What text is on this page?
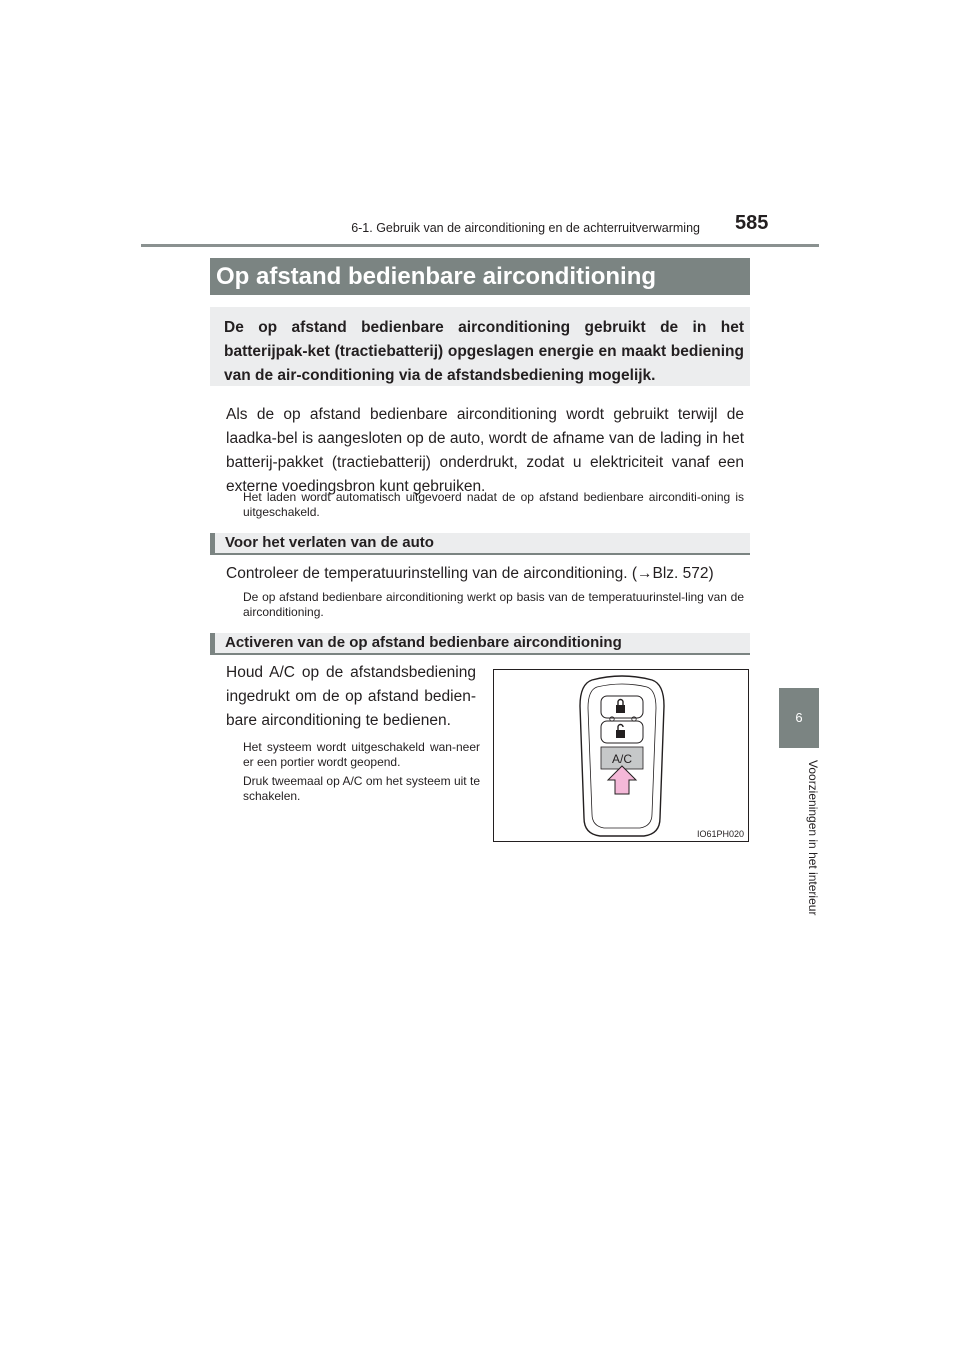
6-1. Gebruik van de airconditioning en de achterruitverwarming 585
6
Voorzieningen in het interieur
Op afstand bedienbare airconditioning
De op afstand bedienbare airconditioning gebruikt de in het batterijpak-ket (tractiebatterij) opgeslagen energie en maakt bediening van de air-conditioning via de afstandsbediening mogelijk.
Als de op afstand bedienbare airconditioning wordt gebruikt terwijl de laadka-bel is aangesloten op de auto, wordt de afname van de lading in het batterij-pakket (tractiebatterij) onderdrukt, zodat u elektriciteit vanaf een externe voedingsbron kunt gebruiken.
Het laden wordt automatisch uitgevoerd nadat de op afstand bedienbare airconditi-oning is uitgeschakeld.
Voor het verlaten van de auto
Controleer de temperatuurinstelling van de airconditioning. (→Blz. 572)
De op afstand bedienbare airconditioning werkt op basis van de temperatuurinstel-ling van de airconditioning.
Activeren van de op afstand bedienbare airconditioning
Houd A/C op de afstandsbediening ingedrukt om de op afstand bedien-bare airconditioning te bedienen.
Het systeem wordt uitgeschakeld wan-neer er een portier wordt geopend.
Druk tweemaal op A/C om het systeem uit te schakelen.
A/C
IO61PH020
